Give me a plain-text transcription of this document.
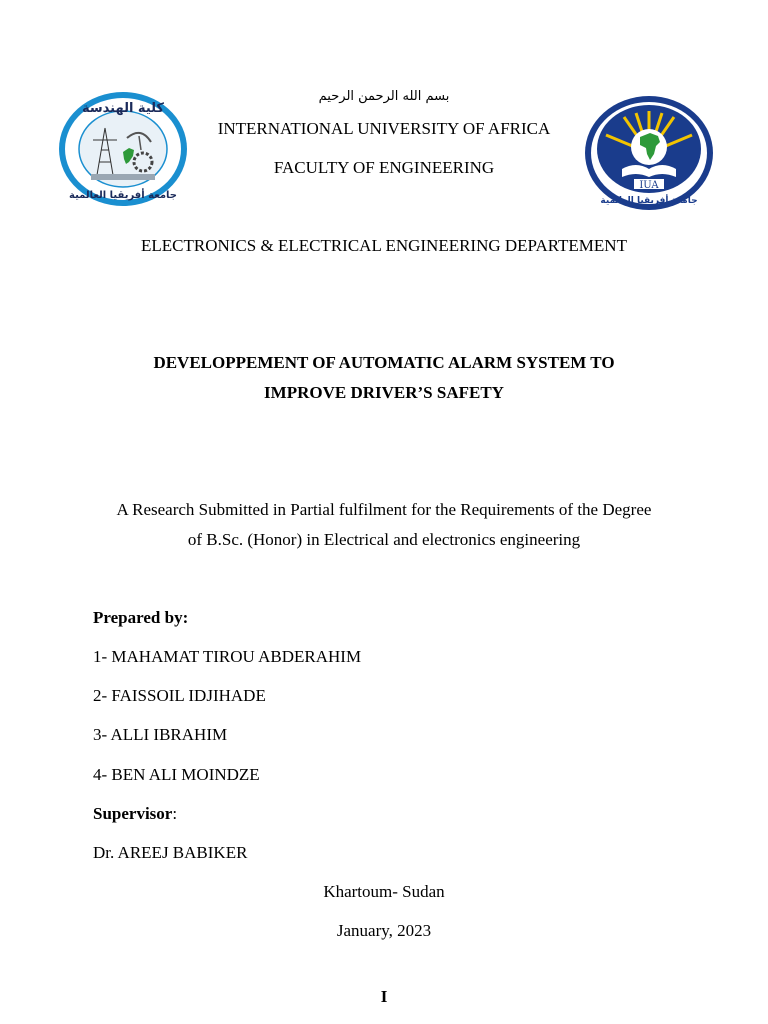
كلية الهندسة
جامعة أفريقيا العالمية
IUA
جامعة أفريقيا العالمية
بسم الله الرحمن الرحيم
INTERNATIONAL UNIVERSITY OF AFRICA
FACULTY OF ENGINEERING
ELECTRONICS & ELECTRICAL ENGINEERING DEPARTEMENT
DEVELOPPEMENT OF AUTOMATIC ALARM SYSTEM TO
IMPROVE DRIVER’S SAFETY
A Research Submitted in Partial fulfilment for the Requirements of the Degree
of B.Sc. (Honor) in Electrical and electronics engineering
Prepared by:
1- MAHAMAT TIROU ABDERAHIM
2- FAISSOIL IDJIHADE
3- ALLI IBRAHIM
4- BEN ALI MOINDZE
Supervisor:
Dr. AREEJ BABIKER
Khartoum- Sudan
January, 2023
I
